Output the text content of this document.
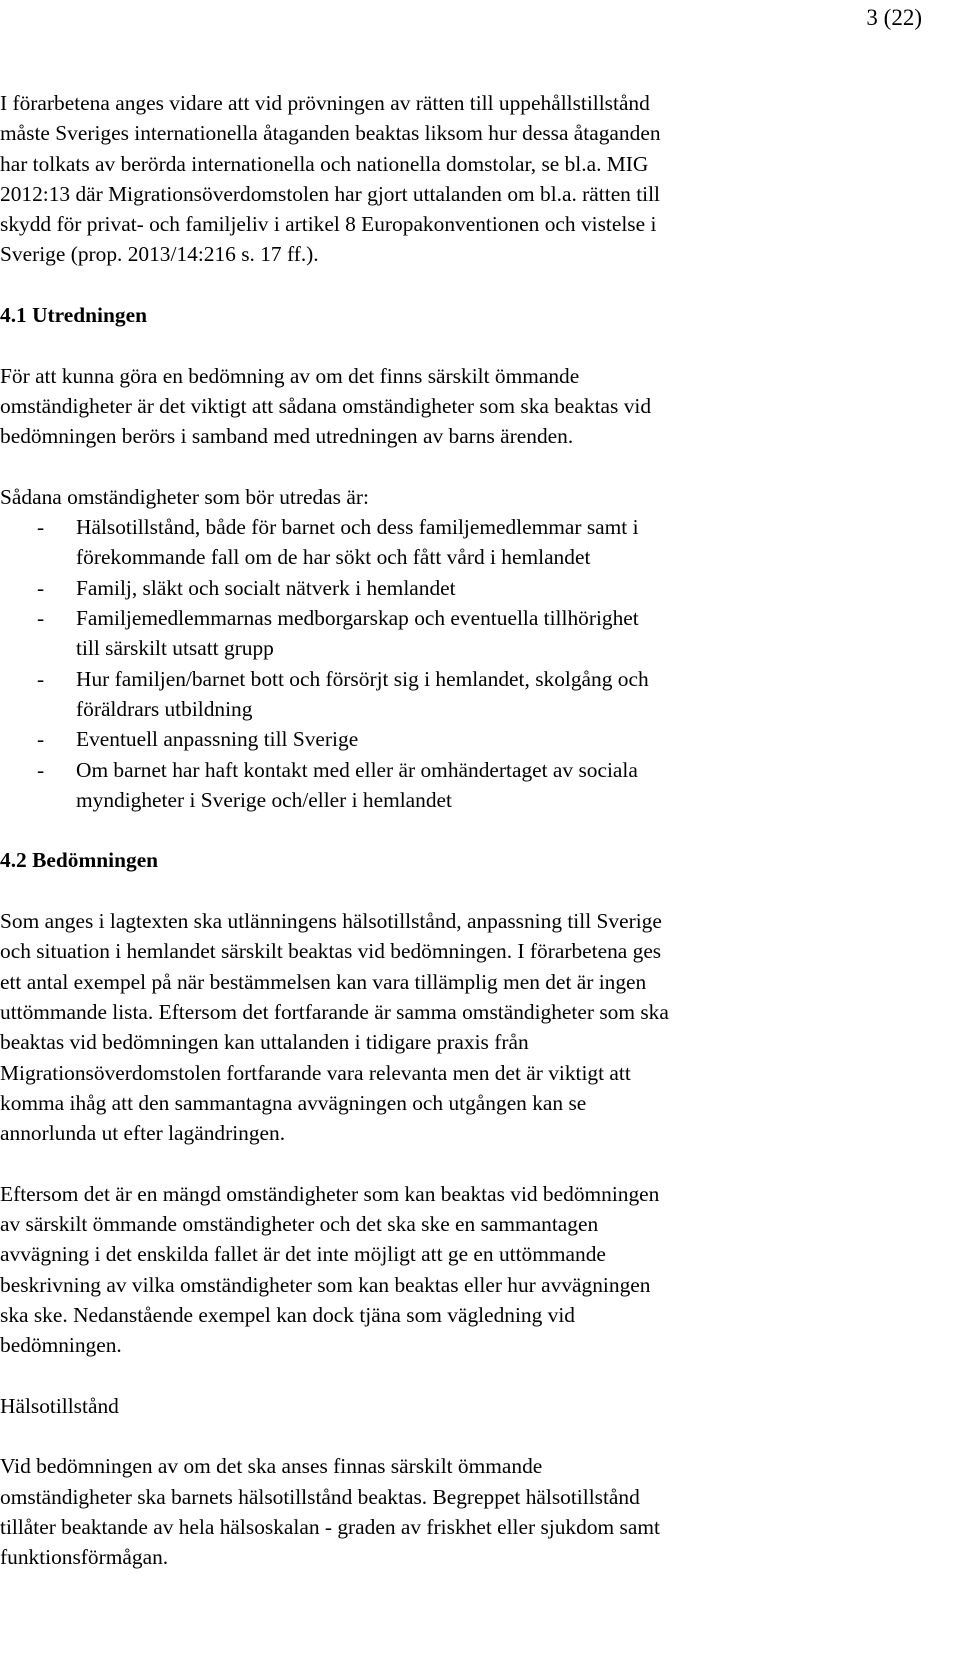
3 (22)

I förarbetena anges vidare att vid prövningen av rätten till uppehållstillstånd
måste Sveriges internationella åtaganden beaktas liksom hur dessa åtaganden
har tolkats av berörda internationella och nationella domstolar, se bl.a. MIG
2012:13 där Migrationsöverdomstolen har gjort uttalanden om bl.a. rätten till
skydd för privat- och familjeliv i artikel 8 Europakonventionen och vistelse i
Sverige (prop. 2013/14:216 s. 17 ff.).

4.1 Utredningen

För att kunna göra en bedömning av om det finns särskilt ömmande
omständigheter är det viktigt att sådana omständigheter som ska beaktas vid
bedömningen berörs i samband med utredningen av barns ärenden.

Sådana omständigheter som bör utredas är:

- Hälsotillstånd, både för barnet och dess familjemedlemmar samt i
förekommande fall om de har sökt och fått vård i hemlandet
- Familj, släkt och socialt nätverk i hemlandet
- Familjemedlemmarnas medborgarskap och eventuella tillhörighet
till särskilt utsatt grupp
- Hur familjen/barnet bott och försörjt sig i hemlandet, skolgång och
föräldrars utbildning
- Eventuell anpassning till Sverige
- Om barnet har haft kontakt med eller är omhändertaget av sociala
myndigheter i Sverige och/eller i hemlandet
4.2 Bedömningen

Som anges i lagtexten ska utlänningens hälsotillstånd, anpassning till Sverige
och situation i hemlandet särskilt beaktas vid bedömningen. I förarbetena ges
ett antal exempel på när bestämmelsen kan vara tillämplig men det är ingen
uttömmande lista. Eftersom det fortfarande är samma omständigheter som ska
beaktas vid bedömningen kan uttalanden i tidigare praxis från
Migrationsöverdomstolen fortfarande vara relevanta men det är viktigt att
komma ihåg att den sammantagna avvägningen och utgången kan se
annorlunda ut efter lagändringen.

Eftersom det är en mängd omständigheter som kan beaktas vid bedömningen
av särskilt ömmande omständigheter och det ska ske en sammantagen
avvägning i det enskilda fallet är det inte möjligt att ge en uttömmande
beskrivning av vilka omständigheter som kan beaktas eller hur avvägningen
ska ske. Nedanstående exempel kan dock tjäna som vägledning vid
bedömningen.

Hälsotillstånd

Vid bedömningen av om det ska anses finnas särskilt ömmande
omständigheter ska barnets hälsotillstånd beaktas. Begreppet hälsotillstånd
tillåter beaktande av hela hälsoskalan - graden av friskhet eller sjukdom samt
funktionsförmågan.
